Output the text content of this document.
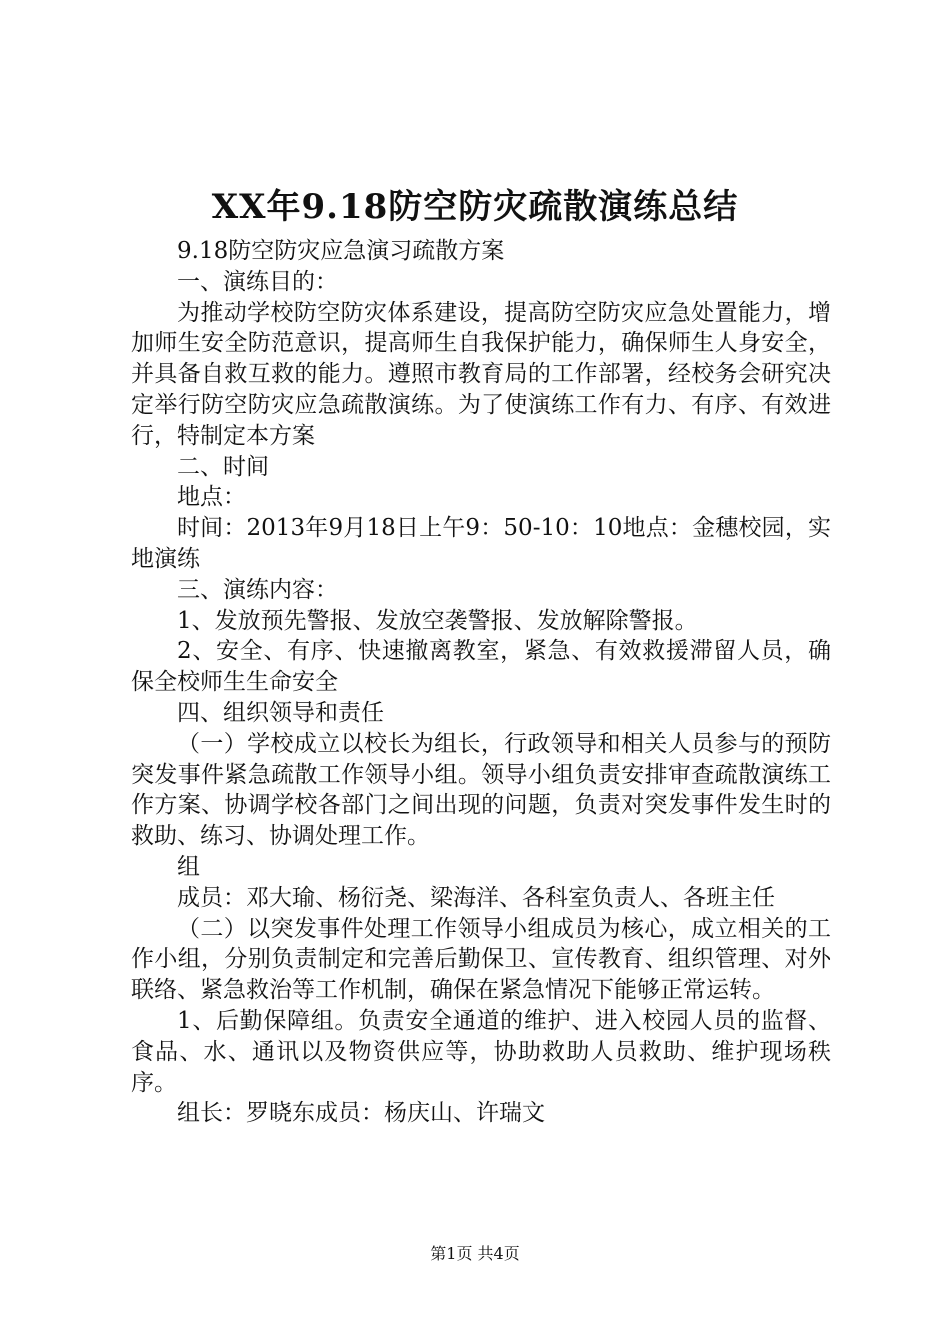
XX年9.18防空防灾疏散演练总结

9.18防空防灾应急演习疏散方案

一、演练目的：

为推动学校防空防灾体系建设，提高防空防灾应急处置能力，增加师生安全防范意识，提高师生自我保护能力，确保师生人身安全，并具备自救互救的能力。遵照市教育局的工作部署，经校务会研究决定举行防空防灾应急疏散演练。为了使演练工作有力、有序、有效进行，特制定本方案

二、时间

地点：

时间：2013年9月18日上午9：50-10：10地点：金穗校园，实地演练

三、演练内容：

1、发放预先警报、发放空袭警报、发放解除警报。

2、安全、有序、快速撤离教室，紧急、有效救援滞留人员，确保全校师生生命安全

四、组织领导和责任

（一）学校成立以校长为组长，行政领导和相关人员参与的预防突发事件紧急疏散工作领导小组。领导小组负责安排审查疏散演练工作方案、协调学校各部门之间出现的问题，负责对突发事件发生时的救助、练习、协调处理工作。

组

成员：邓大瑜、杨衍尧、梁海洋、各科室负责人、各班主任

（二）以突发事件处理工作领导小组成员为核心，成立相关的工作小组，分别负责制定和完善后勤保卫、宣传教育、组织管理、对外联络、紧急救治等工作机制，确保在紧急情况下能够正常运转。

1、后勤保障组。负责安全通道的维护、进入校园人员的监督、食品、水、通讯以及物资供应等，协助救助人员救助、维护现场秩序。

组长：罗晓东成员：杨庆山、许瑞文

第1页 共4页
